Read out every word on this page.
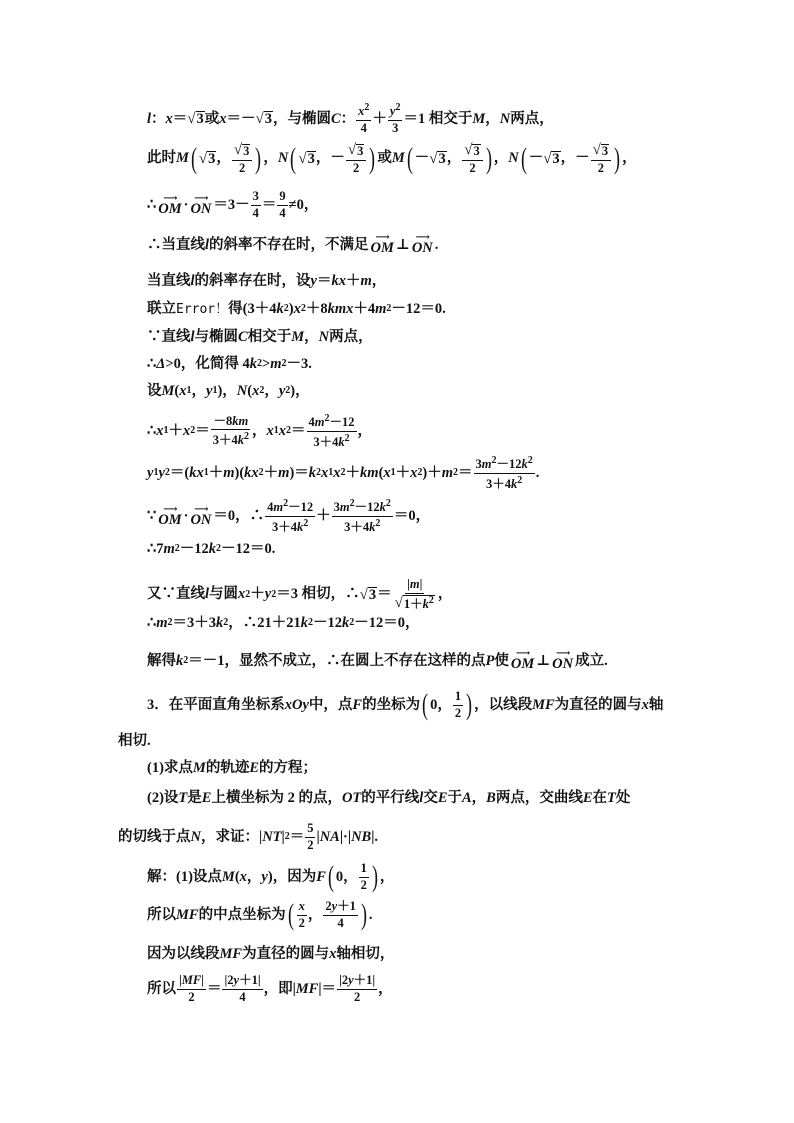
l ： x ＝ √ 3 或 x ＝－ √ 3 ，与椭圆 C ： $\frac{x^2}{4} + \frac{y^2}{3} =1$ 相交于 M ， N 两点，
此时 M ( √ 3 ， $\frac{√ 3}{2}$ ) ， N ( √ 3 ，－ $\frac{√ 3}{2}$ ) 或 M ( － √ 3 ， $\frac{√ 3}{2}$ ) ， N ( － √ 3 ，－ $\frac{√ 3}{2}$ ) ，
∴ ⟶
OM · ⟶
ON $=3- \frac{3}{4} = \frac{9}{4} \ne 0$，
∴当直线 l 的斜率不存在时，不满足 ⟶
OM ⊥ ⟶
ON .
当直线 l 的斜率存在时，设 y ＝ kx ＋ m ，
联立 Error！ 得(3＋4 k 2 ) x 2 ＋8 kmx ＋4 m 2 －12＝0.
∵直线 l 与椭圆 C 相交于 M ， N 两点，
∴ Δ >0，化简得 4 k 2 > m 2 －3.
设 M ( x 1 ， y 1 )， N ( x 2 ， y 2 )，
∴ x 1 ＋ x $2 = \frac{-8km}{3+4k^2}$ ， x 1 x $2 = \frac{4m^2-12}{3+4k^2}$ ，
y 1 y 2 ＝( kx 1 ＋ m )( kx 2 ＋ m )＝ k 2 x 1 x 2 ＋ km ( x 1 ＋ x 2 )＋ m $2 = \frac{3m^2-12k^2}{3+4k^2}$ .
∵ ⟶
OM · ⟶
ON ＝0，∴ $\frac{4m^2-12}{3+4k^2} + \frac{3m^2-12k^2}{3+4k^2} =0$，
∴7 m 2 －12 k 2 －12＝0.
又∵直线 l 与圆 x 2 ＋ y 2 ＝3 相切，∴ √ $3 = \frac{|m|}{√ 1+k^2}$ ，
∴ m 2 ＝3＋3 k 2 ，∴21＋21 k 2 －12 k 2 －12＝0，
解得 k 2 ＝－1，显然不成立，∴在圆上不存在这样的点 P 使 ⟶
OM ⊥ ⟶
ON 成立.
3．在平面直角坐标系 xOy 中，点 F 的坐标为 ( 0， $\frac{1}{2}$ ) ，以线段 MF 为直径的圆与 x 轴
相切.
(1)求点 M 的轨迹 E 的方程；
(2)设 T 是 E 上横坐标为 2 的点， OT 的平行线 l 交 E 于 A ， B 两点，交曲线 E 在 T 处
的切线于点 N ，求证：| NT | $2 = \frac{5}{2}$ | NA |·| NB |.
解：(1)设点 M ( x ， y )，因为 F ( 0， $\frac{1}{2}$ ) ，
所以 MF 的中点坐标为 ( $\frac{x}{2}$ ， $\frac{2y+1}{4}$ ) .
因为以线段 MF 为直径的圆与 x 轴相切，
所以 $\frac{|MF|}{2} = \frac{|2y+1|}{4}$ ，即| MF |＝ $\frac{|2y+1|}{2}$ ，
